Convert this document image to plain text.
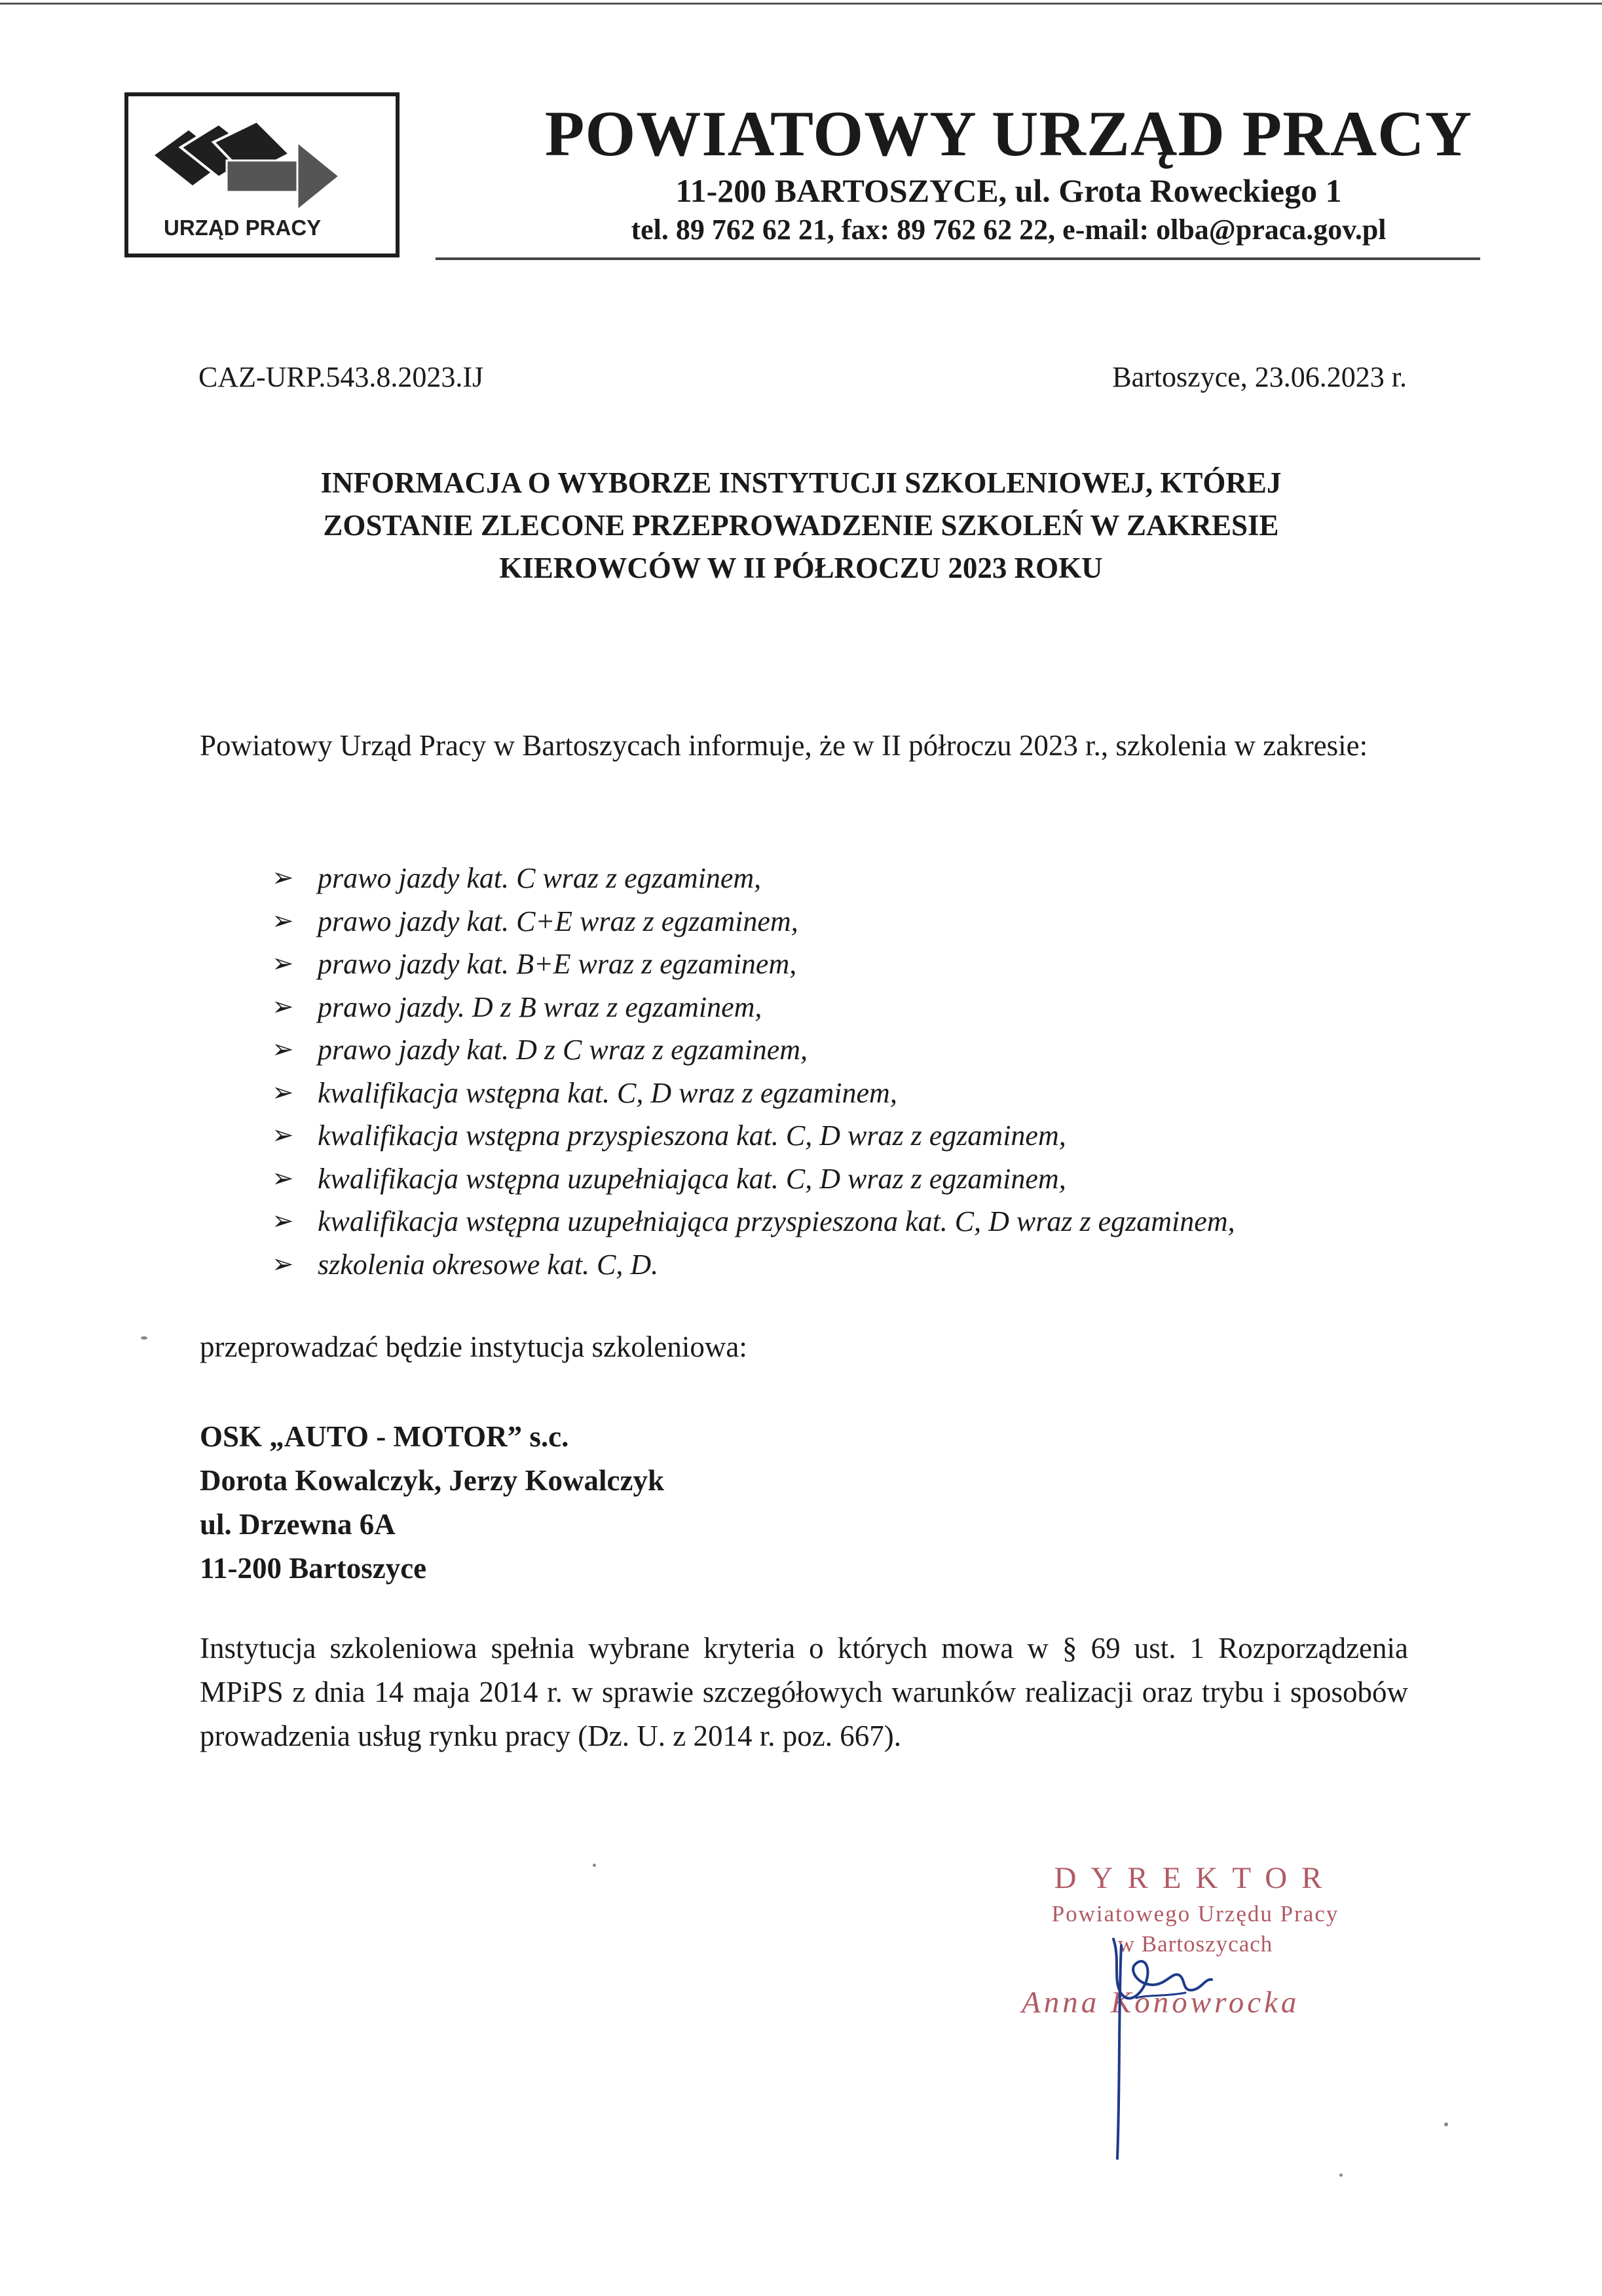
URZĄD PRACY
POWIATOWY URZĄD PRACY
11-200 BARTOSZYCE, ul. Grota Roweckiego 1
tel. 89 762 62 21, fax: 89 762 62 22, e-mail: olba@praca.gov.pl
CAZ-URP.543.8.2023.IJ	Bartoszyce, 23.06.2023 r.
INFORMACJA O WYBORZE INSTYTUCJI SZKOLENIOWEJ, KTÓREJ
ZOSTANIE ZLECONE PRZEPROWADZENIE SZKOLEŃ W ZAKRESIE
KIEROWCÓW W II PÓŁROCZU 2023 ROKU
Powiatowy Urząd Pracy w Bartoszycach informuje, że w II półroczu 2023 r., szkolenia w zakresie:
➢ prawo jazdy kat. C wraz z egzaminem,
➢ prawo jazdy kat. C+E wraz z egzaminem,
➢ prawo jazdy kat. B+E wraz z egzaminem,
➢ prawo jazdy. D z B wraz z egzaminem,
➢ prawo jazdy kat. D z C wraz z egzaminem,
➢ kwalifikacja wstępna kat. C, D wraz z egzaminem,
➢ kwalifikacja wstępna przyspieszona kat. C, D wraz z egzaminem,
➢ kwalifikacja wstępna uzupełniająca kat. C, D wraz z egzaminem,
➢ kwalifikacja wstępna uzupełniająca przyspieszona kat. C, D wraz z egzaminem,
➢ szkolenia okresowe kat. C, D.
przeprowadzać będzie instytucja szkoleniowa:
OSK „AUTO - MOTOR” s.c.
Dorota Kowalczyk, Jerzy Kowalczyk
ul. Drzewna 6A
11-200 Bartoszyce
Instytucja szkoleniowa spełnia wybrane kryteria o których mowa w § 69 ust. 1 Rozporządzenia MPiPS z dnia 14 maja 2014 r. w sprawie szczegółowych warunków realizacji oraz trybu i sposobów prowadzenia usług rynku pracy (Dz. U. z 2014 r. poz. 667).
DYREKTOR
Powiatowego Urzędu Pracy
w Bartoszycach
Anna Konowrocka
